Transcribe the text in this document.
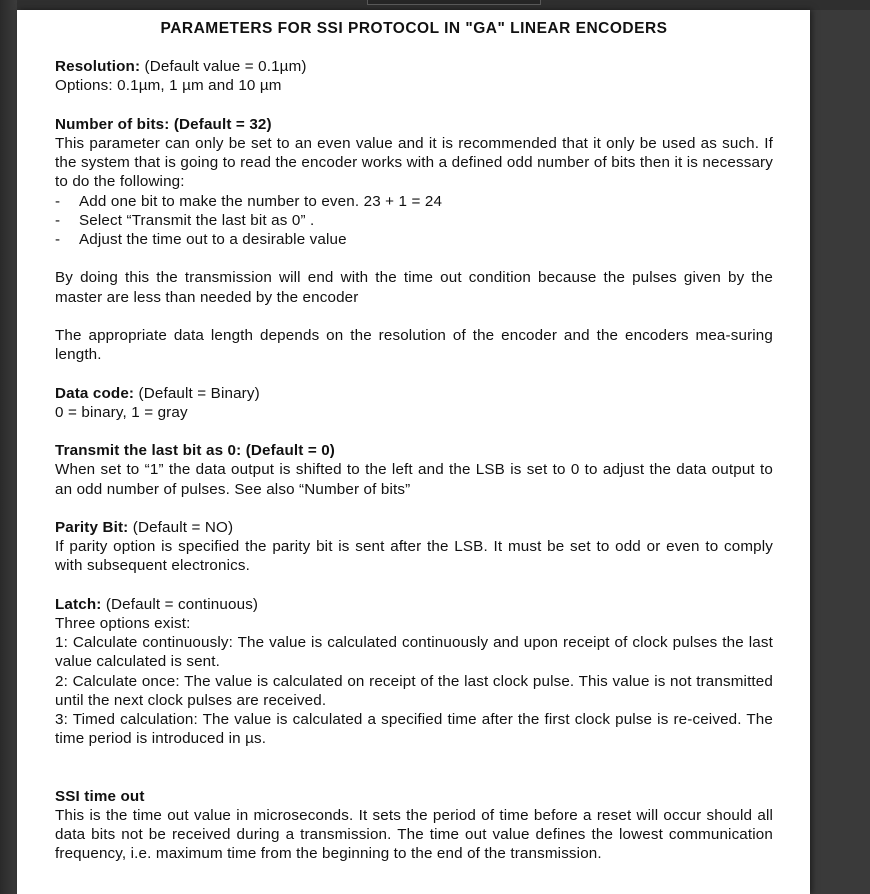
PARAMETERS FOR SSI PROTOCOL IN "GA" LINEAR ENCODERS
Resolution: (Default value = 0.1µm)
Options: 0.1µm, 1 µm and 10 µm
Number of bits: (Default = 32)
This parameter can only be set to an even value and it is recommended that it only be used as such. If the system that is going to read the encoder works with a defined odd number of bits then it is necessary to do the following:
-	Add one bit to make the number to even. 23 + 1 = 24
-	Select “Transmit the last bit as 0” .
-	Adjust the time out to a desirable value
By doing this the transmission will end with the time out condition because the pulses given by the master are less than needed by the encoder
The appropriate data length depends on the resolution of the encoder and the encoders mea-suring length.
Data code: (Default = Binary)
0 = binary, 1 = gray
Transmit the last bit as 0: (Default = 0)
When set to “1” the data output is shifted to the left and the LSB is set to 0 to adjust the data output to an odd number of pulses. See also “Number of bits”
Parity Bit: (Default = NO)
If parity option is specified the parity bit is sent after the LSB. It must be set to odd or even to comply with subsequent electronics.
Latch: (Default = continuous)
Three options exist:
1: Calculate continuously: The value is calculated continuously and upon receipt of clock pulses the last value calculated is sent.
2: Calculate once: The value is calculated on receipt of the last clock pulse. This value is not transmitted until the next clock pulses are received.
3: Timed calculation: The value is calculated a specified time after the first clock pulse is re-ceived. The time period is introduced in µs.
SSI time out
This is the time out value in microseconds. It sets the period of time before a reset will occur should all data bits not be received during a transmission. The time out value defines the lowest communication frequency, i.e. maximum time from the beginning to the end of the transmission.
